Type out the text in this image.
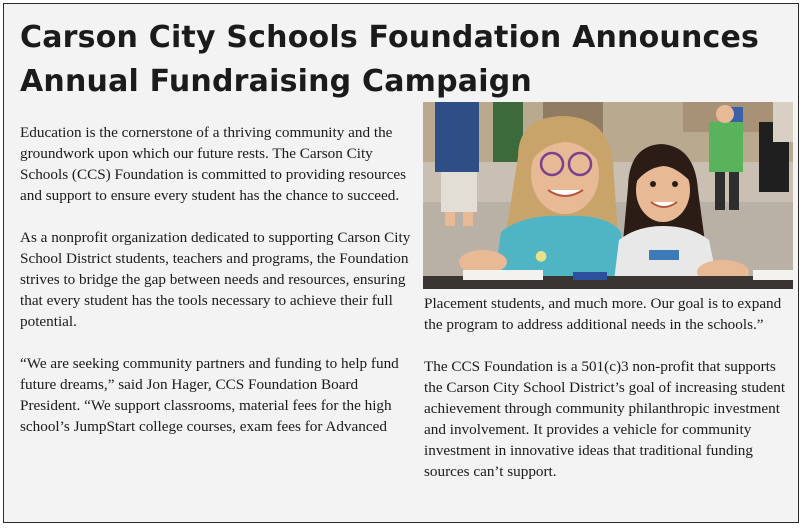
Carson City Schools Foundation Announces
Annual Fundraising Campaign

Education is the cornerstone of a thriving community and the groundwork upon which our future rests. The Carson City Schools (CCS) Foundation is committed to providing resources and support to ensure every student has the chance to succeed.

As a nonprofit organization dedicated to supporting Carson City School District students, teachers and programs, the Foundation strives to bridge the gap between needs and resources, ensuring that every student has the tools necessary to achieve their full potential.

“We are seeking community partners and funding to help fund future dreams,” said Jon Hager, CCS Foundation Board President. “We support classrooms, material fees for the high school’s JumpStart college courses, exam fees for Advanced

●

Placement students, and much more. Our goal is to expand the program to address additional needs in the schools.”

The CCS Foundation is a 501(c)3 non-profit that supports the Carson City School District’s goal of increasing student achievement through community philanthropic investment and involvement. It provides a vehicle for community investment in innovative ideas that traditional funding sources can’t support.
